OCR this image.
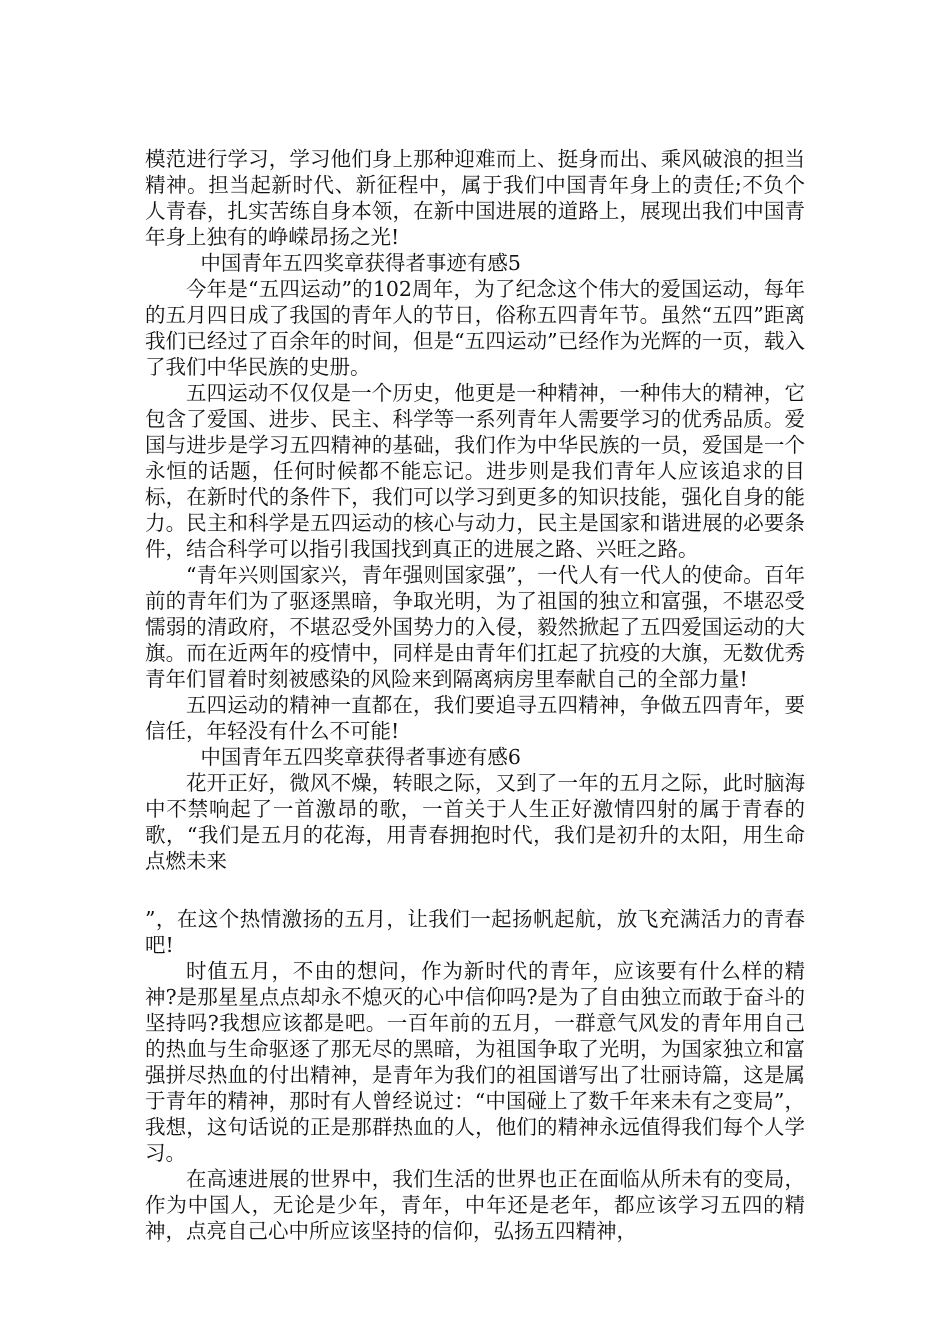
模范进行学习，学习他们身上那种迎难而上、挺身而出、乘风破浪的担当精神。担当起新时代、新征程中，属于我们中国青年身上的责任;不负个人青春，扎实苦练自身本领，在新中国进展的道路上，展现出我们中国青年身上独有的峥嵘昂扬之光!

中国青年五四奖章获得者事迹有感5

今年是“五四运动”的102周年，为了纪念这个伟大的爱国运动，每年的五月四日成了我国的青年人的节日，俗称五四青年节。虽然“五四”距离我们已经过了百余年的时间，但是“五四运动”已经作为光辉的一页，载入了我们中华民族的史册。

五四运动不仅仅是一个历史，他更是一种精神，一种伟大的精神，它包含了爱国、进步、民主、科学等一系列青年人需要学习的优秀品质。爱国与进步是学习五四精神的基础，我们作为中华民族的一员，爱国是一个永恒的话题，任何时候都不能忘记。进步则是我们青年人应该追求的目标，在新时代的条件下，我们可以学习到更多的知识技能，强化自身的能力。民主和科学是五四运动的核心与动力，民主是国家和谐进展的必要条件，结合科学可以指引我国找到真正的进展之路、兴旺之路。

“青年兴则国家兴，青年强则国家强”，一代人有一代人的使命。百年前的青年们为了驱逐黑暗，争取光明，为了祖国的独立和富强，不堪忍受懦弱的清政府，不堪忍受外国势力的入侵，毅然掀起了五四爱国运动的大旗。而在近两年的疫情中，同样是由青年们扛起了抗疫的大旗，无数优秀青年们冒着时刻被感染的风险来到隔离病房里奉献自己的全部力量!

五四运动的精神一直都在，我们要追寻五四精神，争做五四青年，要信任，年轻没有什么不可能!

中国青年五四奖章获得者事迹有感6

花开正好，微风不燥，转眼之际，又到了一年的五月之际，此时脑海中不禁响起了一首激昂的歌，一首关于人生正好激情四射的属于青春的歌，“我们是五月的花海，用青春拥抱时代，我们是初升的太阳，用生命点燃未来

”，在这个热情激扬的五月，让我们一起扬帆起航，放飞充满活力的青春吧!

时值五月，不由的想问，作为新时代的青年，应该要有什么样的精神?是那星星点点却永不熄灭的心中信仰吗?是为了自由独立而敢于奋斗的坚持吗?我想应该都是吧。一百年前的五月，一群意气风发的青年用自己的热血与生命驱逐了那无尽的黑暗，为祖国争取了光明，为国家独立和富强拼尽热血的付出精神，是青年为我们的祖国谱写出了壮丽诗篇，这是属于青年的精神，那时有人曾经说过：“中国碰上了数千年来未有之变局”，我想，这句话说的正是那群热血的人，他们的精神永远值得我们每个人学习。

在高速进展的世界中，我们生活的世界也正在面临从所未有的变局，作为中国人，无论是少年，青年，中年还是老年，都应该学习五四的精神，点亮自己心中所应该坚持的信仰，弘扬五四精神，
